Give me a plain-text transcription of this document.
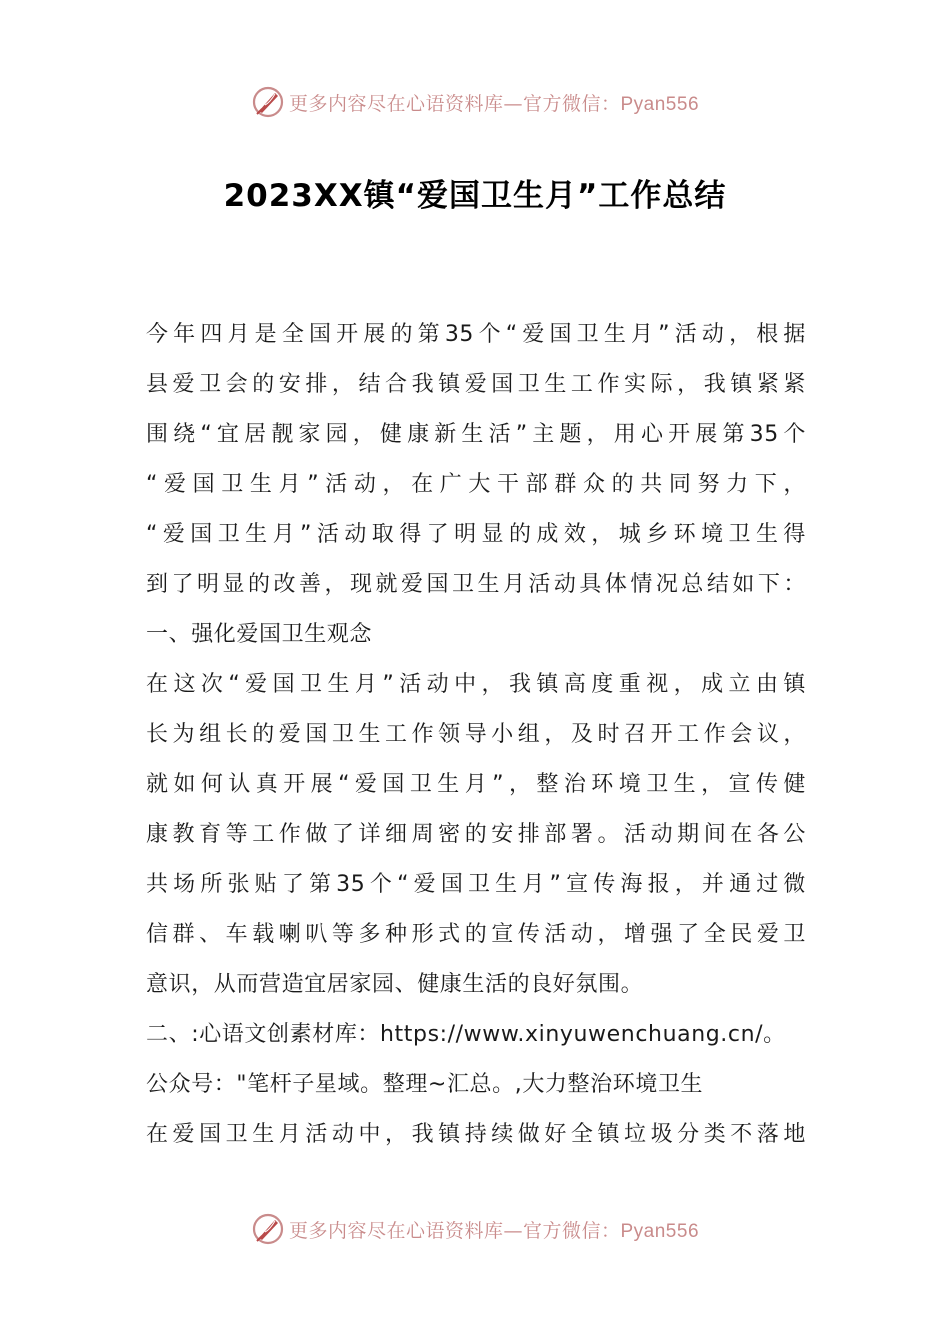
更多内容尽在心语资料库—官方微信：Pyan556
2023XX镇“爱国卫生月”工作总结
今年四月是全国开展的第35个“爱国卫生月”活动，根据
县爱卫会的安排，结合我镇爱国卫生工作实际，我镇紧紧
围绕“宜居靓家园，健康新生活”主题，用心开展第35个
“爱国卫生月”活动，在广大干部群众的共同努力下，
“爱国卫生月”活动取得了明显的成效，城乡环境卫生得
到了明显的改善，现就爱国卫生月活动具体情况总结如下：
一、强化爱国卫生观念
在这次“爱国卫生月”活动中，我镇高度重视，成立由镇
长为组长的爱国卫生工作领导小组，及时召开工作会议，
就如何认真开展“爱国卫生月”，整治环境卫生，宣传健
康教育等工作做了详细周密的安排部署。活动期间在各公
共场所张贴了第35个“爱国卫生月”宣传海报，并通过微
信群、车载喇叭等多种形式的宣传活动，增强了全民爱卫
意识，从而营造宜居家园、健康生活的良好氛围。
二、:心语文创素材库：https://www.xinyuwenchuang.cn/。
公众号："笔杆子星域。整理~汇总。,大力整治环境卫生
在爱国卫生月活动中，我镇持续做好全镇垃圾分类不落地
更多内容尽在心语资料库—官方微信：Pyan556
